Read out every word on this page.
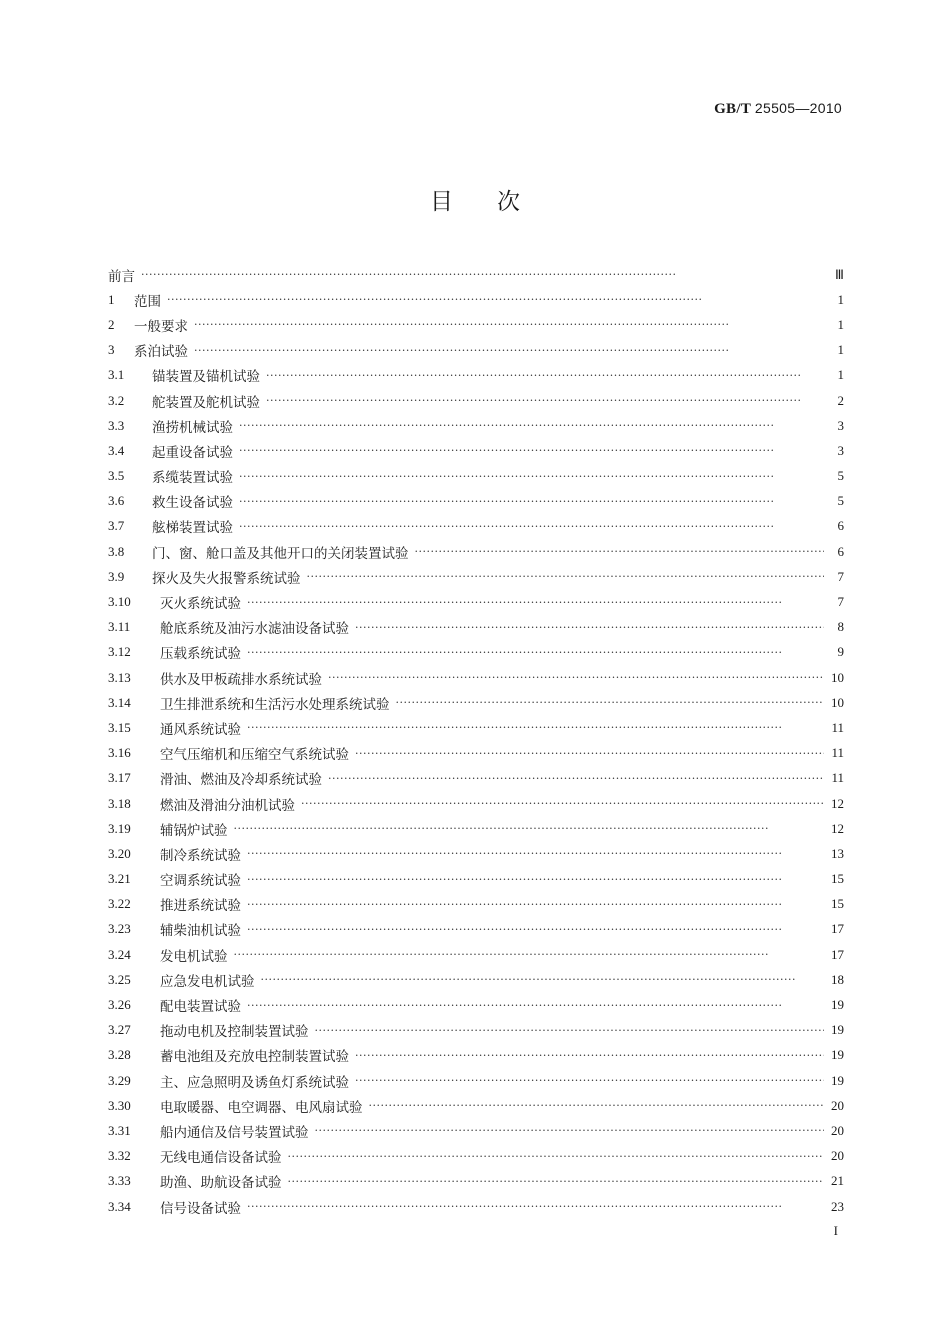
GB/T 25505—2010
目次
前言 ·····	Ⅲ
1	范围 ·····	1
2	一般要求 ·····	1
3	系泊试验 ·····	1
3.1	锚装置及锚机试验 ·····	1
3.2	舵装置及舵机试验 ·····	2
3.3	渔捞机械试验 ·····	3
3.4	起重设备试验 ·····	3
3.5	系缆装置试验 ·····	5
3.6	救生设备试验 ·····	5
3.7	舷梯装置试验 ·····	6
3.8	门、窗、舱口盖及其他开口的关闭装置试验 ·····	6
3.9	探火及失火报警系统试验 ·····	7
3.10	灭火系统试验 ·····	7
3.11	舱底系统及油污水滤油设备试验 ·····	8
3.12	压载系统试验 ·····	9
3.13	供水及甲板疏排水系统试验 ·····	10
3.14	卫生排泄系统和生活污水处理系统试验 ·····	10
3.15	通风系统试验 ·····	11
3.16	空气压缩机和压缩空气系统试验 ·····	11
3.17	滑油、燃油及冷却系统试验 ·····	11
3.18	燃油及滑油分油机试验 ·····	12
3.19	辅锅炉试验 ·····	12
3.20	制冷系统试验 ·····	13
3.21	空调系统试验 ·····	15
3.22	推进系统试验 ·····	15
3.23	辅柴油机试验 ·····	17
3.24	发电机试验 ·····	17
3.25	应急发电机试验 ·····	18
3.26	配电装置试验 ·····	19
3.27	拖动电机及控制装置试验 ·····	19
3.28	蓄电池组及充放电控制装置试验 ·····	19
3.29	主、应急照明及诱鱼灯系统试验 ·····	19
3.30	电取暖器、电空调器、电风扇试验 ·····	20
3.31	船内通信及信号装置试验 ·····	20
3.32	无线电通信设备试验 ·····	20
3.33	助渔、助航设备试验 ·····	21
3.34	信号设备试验 ·····	23
I
